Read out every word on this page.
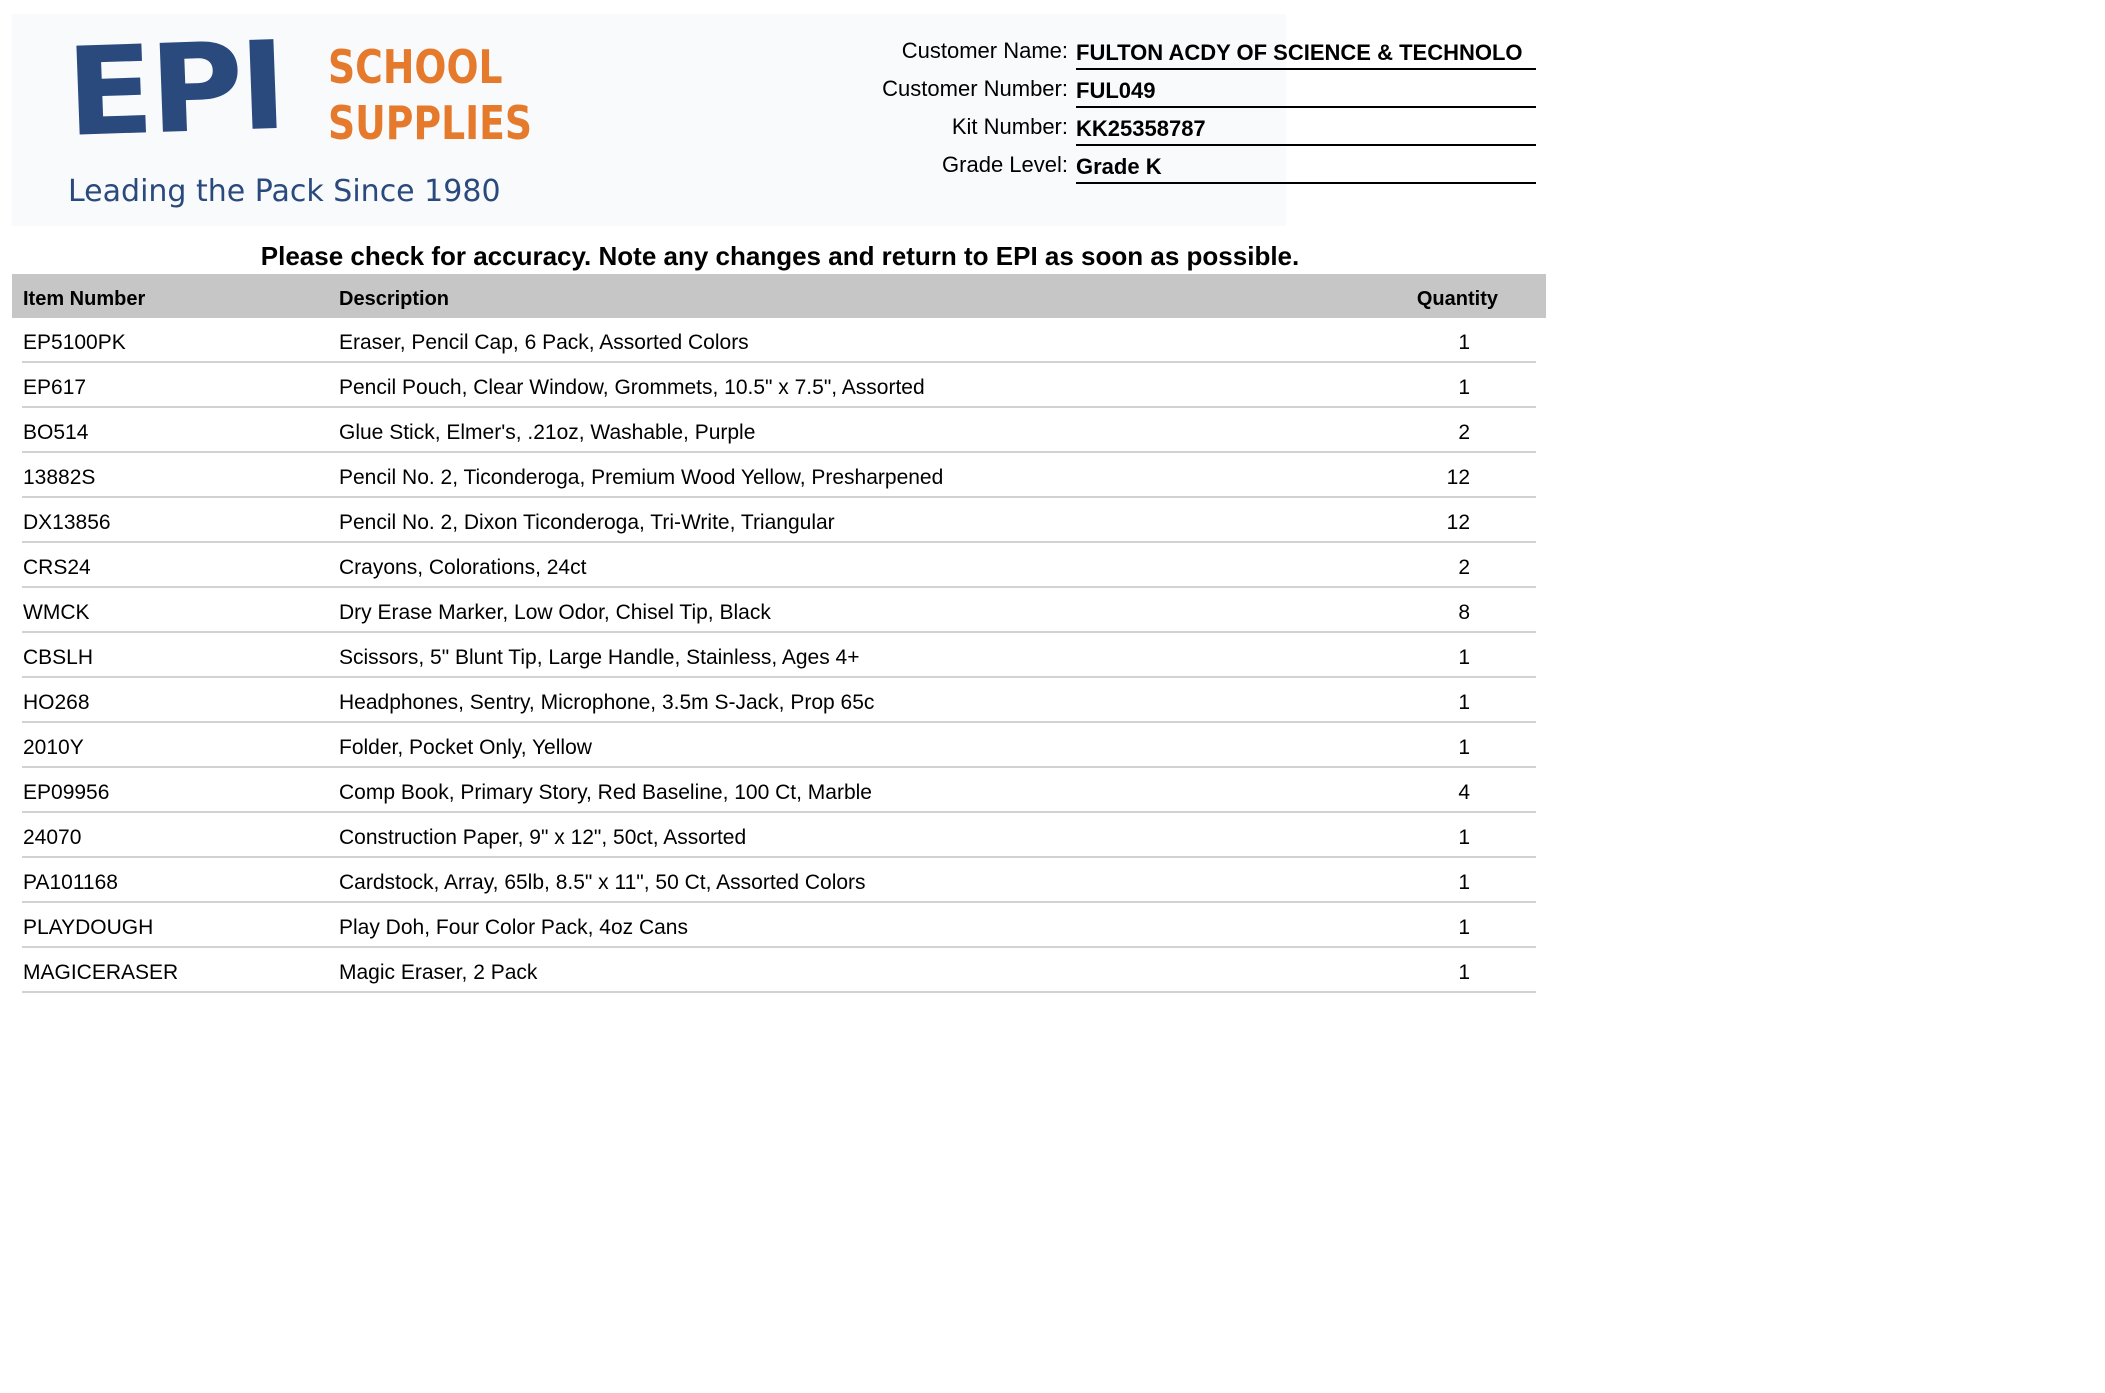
EPI SCHOOL
SUPPLIES
Leading the Pack Since 1980
Customer Name: FULTON ACDY OF SCIENCE & TECHNOLO
Customer Number: FUL049
Kit Number: KK25358787
Grade Level: Grade K
Please check for accuracy. Note any changes and return to EPI as soon as possible.
Item Number	Description	Quantity
EP5100PK	Eraser, Pencil Cap, 6 Pack, Assorted Colors	1
EP617	Pencil Pouch, Clear Window, Grommets, 10.5" x 7.5", Assorted	1
BO514	Glue Stick, Elmer's, .21oz, Washable, Purple	2
13882S	Pencil No. 2, Ticonderoga, Premium Wood Yellow, Presharpened	12
DX13856	Pencil No. 2, Dixon Ticonderoga, Tri-Write, Triangular	12
CRS24	Crayons, Colorations, 24ct	2
WMCK	Dry Erase Marker, Low Odor, Chisel Tip, Black	8
CBSLH	Scissors, 5" Blunt Tip, Large Handle, Stainless, Ages 4+	1
HO268	Headphones, Sentry, Microphone, 3.5m S-Jack, Prop 65c	1
2010Y	Folder, Pocket Only, Yellow	1
EP09956	Comp Book, Primary Story, Red Baseline, 100 Ct, Marble	4
24070	Construction Paper, 9" x 12", 50ct, Assorted	1
PA101168	Cardstock, Array, 65lb, 8.5" x 11", 50 Ct, Assorted Colors	1
PLAYDOUGH	Play Doh, Four Color Pack, 4oz Cans	1
MAGICERASER	Magic Eraser, 2 Pack	1
